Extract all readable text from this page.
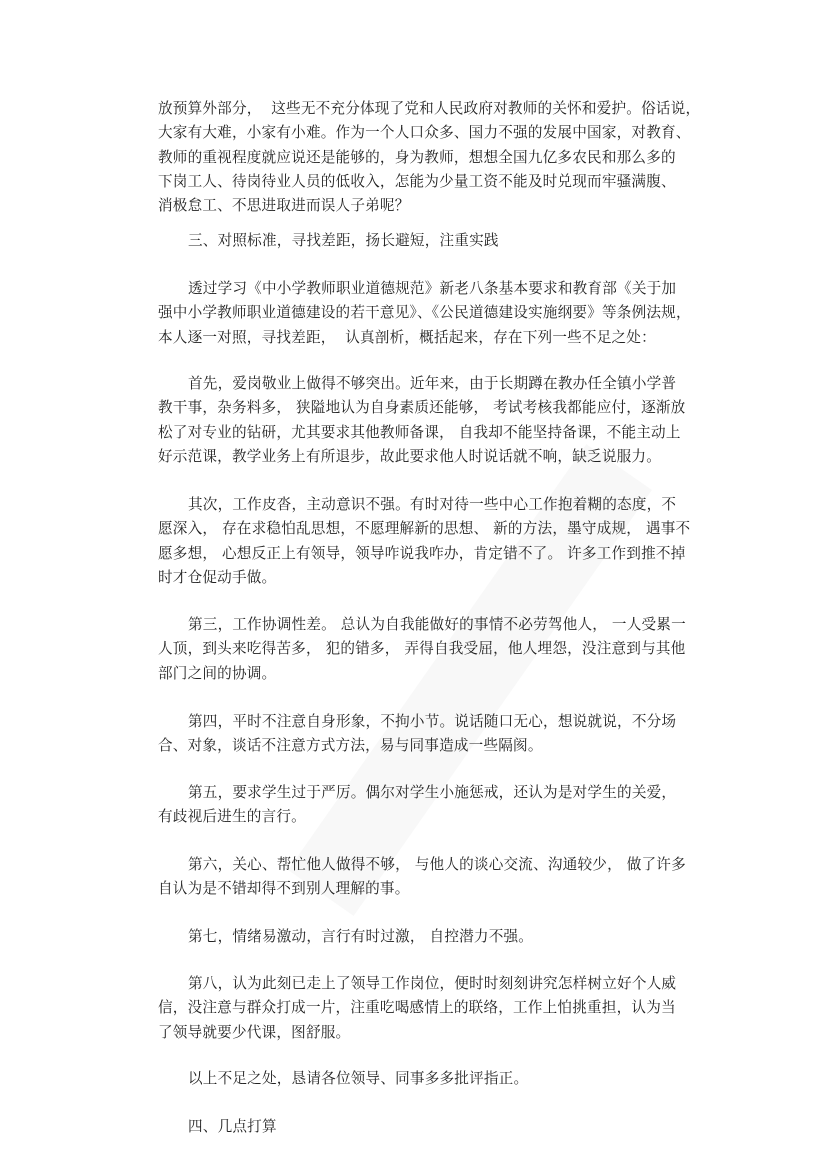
放预算外部分，  这些无不充分体现了党和人民政府对教师的关怀和爱护。俗话说，
大家有大难，小家有小难。作为一个人口众多、国力不强的发展中国家，对教育、
教师的重视程度就应说还是能够的，身为教师，想想全国九亿多农民和那么多的
下岗工人、待岗待业人员的低收入，怎能为少量工资不能及时兑现而牢骚满腹、
消极怠工、不思进取进而误人子弟呢？
三、对照标准，寻找差距，扬长避短，注重实践
透过学习《中小学教师职业道德规范》新老八条基本要求和教育部《关于加
强中小学教师职业道德建设的若干意见》、《公民道德建设实施纲要》等条例法规，
本人逐一对照，寻找差距，  认真剖析，概括起来，存在下列一些不足之处：
首先，爱岗敬业上做得不够突出。近年来，由于长期蹲在教办任全镇小学普
教干事，杂务料多， 狭隘地认为自身素质还能够， 考试考核我都能应付，逐渐放
松了对专业的钻研，尤其要求其他教师备课， 自我却不能坚持备课，不能主动上
好示范课，教学业务上有所退步，故此要求他人时说话就不响，缺乏说服力。
其次，工作皮沓，主动意识不强。有时对待一些中心工作抱着糊的态度，不
愿深入， 存在求稳怕乱思想，不愿理解新的思想、 新的方法，墨守成规， 遇事不
愿多想， 心想反正上有领导，领导咋说我咋办，肯定错不了。 许多工作到推不掉
时才仓促动手做。
第三，工作协调性差。 总认为自我能做好的事情不必劳驾他人， 一人受累一
人顶，到头来吃得苦多， 犯的错多， 弄得自我受屈，他人埋怨，没注意到与其他
部门之间的协调。
第四，平时不注意自身形象，不拘小节。说话随口无心，想说就说，不分场
合、对象，谈话不注意方式方法，易与同事造成一些隔阂。
第五，要求学生过于严厉。偶尔对学生小施惩戒，还认为是对学生的关爱，
有歧视后进生的言行。
第六，关心、帮忙他人做得不够， 与他人的谈心交流、沟通较少， 做了许多
自认为是不错却得不到别人理解的事。
第七，情绪易激动，言行有时过激， 自控潜力不强。
第八，认为此刻已走上了领导工作岗位，便时时刻刻讲究怎样树立好个人威
信，没注意与群众打成一片，注重吃喝感情上的联络，工作上怕挑重担，认为当
了领导就要少代课，图舒服。
以上不足之处，恳请各位领导、同事多多批评指正。
四、几点打算
